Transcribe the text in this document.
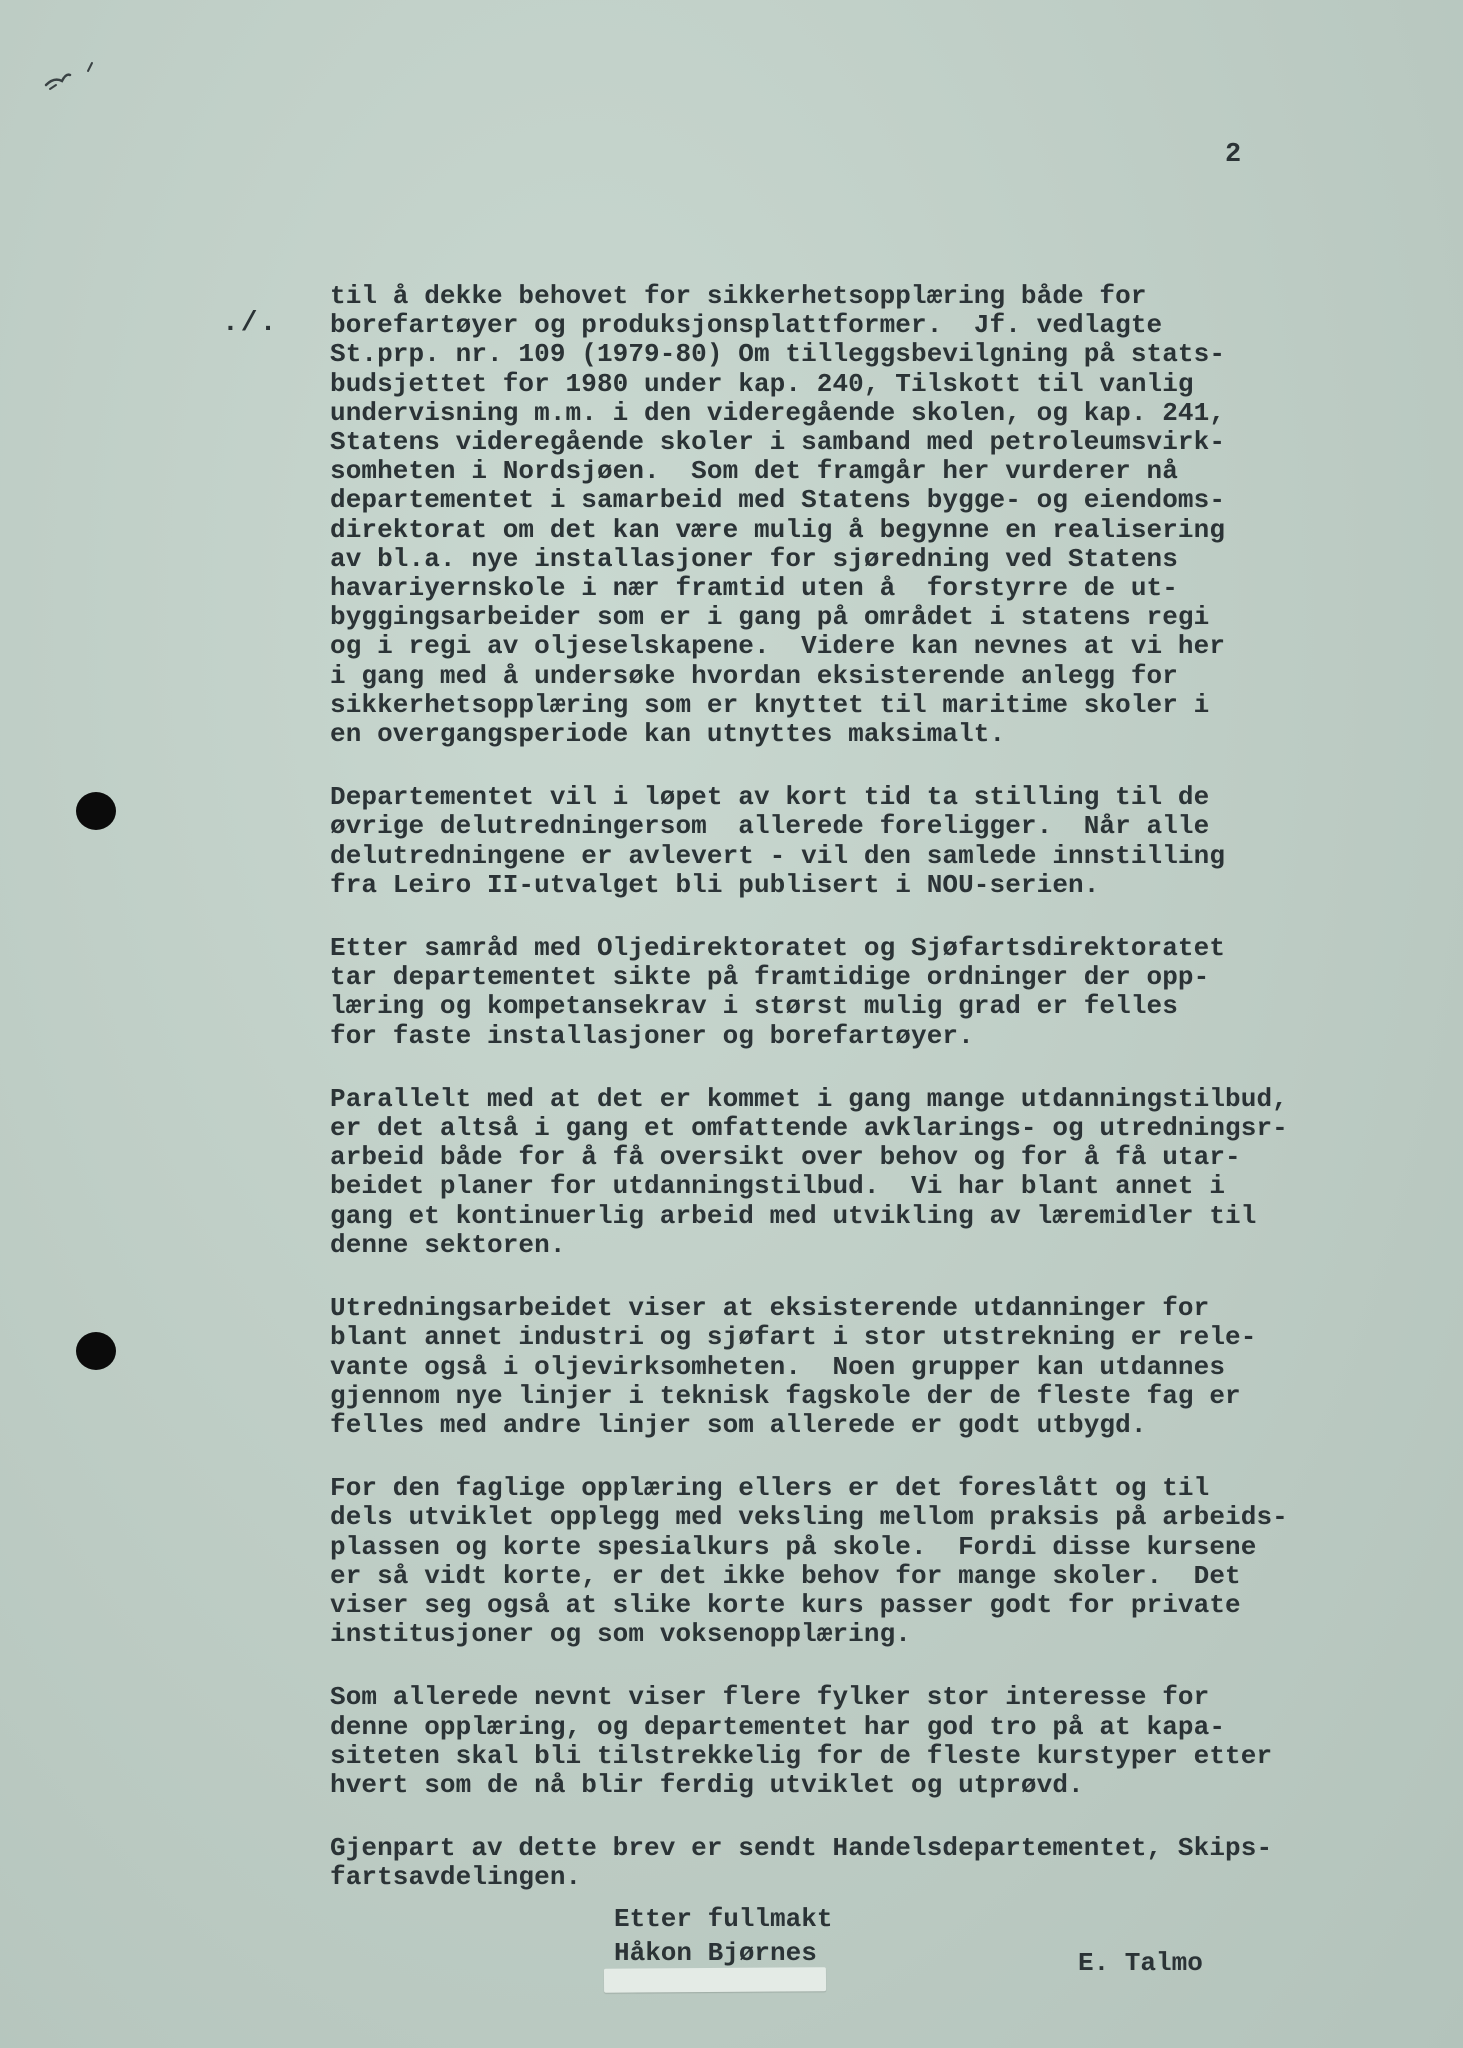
2
./.
til å dekke behovet for sikkerhetsopplæring både for
borefartøyer og produksjonsplattformer.  Jf. vedlagte
St.prp. nr. 109 (1979-80) Om tilleggsbevilgning på stats-
budsjettet for 1980 under kap. 240, Tilskott til vanlig
undervisning m.m. i den videregående skolen, og kap. 241,
Statens videregående skoler i samband med petroleumsvirk-
somheten i Nordsjøen.  Som det framgår her vurderer nå
departementet i samarbeid med Statens bygge- og eiendoms-
direktorat om det kan være mulig å begynne en realisering
av bl.a. nye installasjoner for sjøredning ved Statens
havariyernskole i nær framtid uten å  forstyrre de ut-
byggingsarbeider som er i gang på området i statens regi
og i regi av oljeselskapene.  Videre kan nevnes at vi her
i gang med å undersøke hvordan eksisterende anlegg for
sikkerhetsopplæring som er knyttet til maritime skoler i
en overgangsperiode kan utnyttes maksimalt.
Departementet vil i løpet av kort tid ta stilling til de
øvrige delutredningersom  allerede foreligger.  Når alle
delutredningene er avlevert - vil den samlede innstilling
fra Leiro II-utvalget bli publisert i NOU-serien.
Etter samråd med Oljedirektoratet og Sjøfartsdirektoratet
tar departementet sikte på framtidige ordninger der opp-
læring og kompetansekrav i størst mulig grad er felles
for faste installasjoner og borefartøyer.
Parallelt med at det er kommet i gang mange utdanningstilbud,
er det altså i gang et omfattende avklarings- og utredningsr-
arbeid både for å få oversikt over behov og for å få utar-
beidet planer for utdanningstilbud.  Vi har blant annet i
gang et kontinuerlig arbeid med utvikling av læremidler til
denne sektoren.
Utredningsarbeidet viser at eksisterende utdanninger for
blant annet industri og sjøfart i stor utstrekning er rele-
vante også i oljevirksomheten.  Noen grupper kan utdannes
gjennom nye linjer i teknisk fagskole der de fleste fag er
felles med andre linjer som allerede er godt utbygd.
For den faglige opplæring ellers er det foreslått og til
dels utviklet opplegg med veksling mellom praksis på arbeids-
plassen og korte spesialkurs på skole.  Fordi disse kursene
er så vidt korte, er det ikke behov for mange skoler.  Det
viser seg også at slike korte kurs passer godt for private
institusjoner og som voksenopplæring.
Som allerede nevnt viser flere fylker stor interesse for
denne opplæring, og departementet har god tro på at kapa-
siteten skal bli tilstrekkelig for de fleste kurstyper etter
hvert som de nå blir ferdig utviklet og utprøvd.
Gjenpart av dette brev er sendt Handelsdepartementet, Skips-
fartsavdelingen.
Etter fullmakt
Håkon Bjørnes	E. Talmo
